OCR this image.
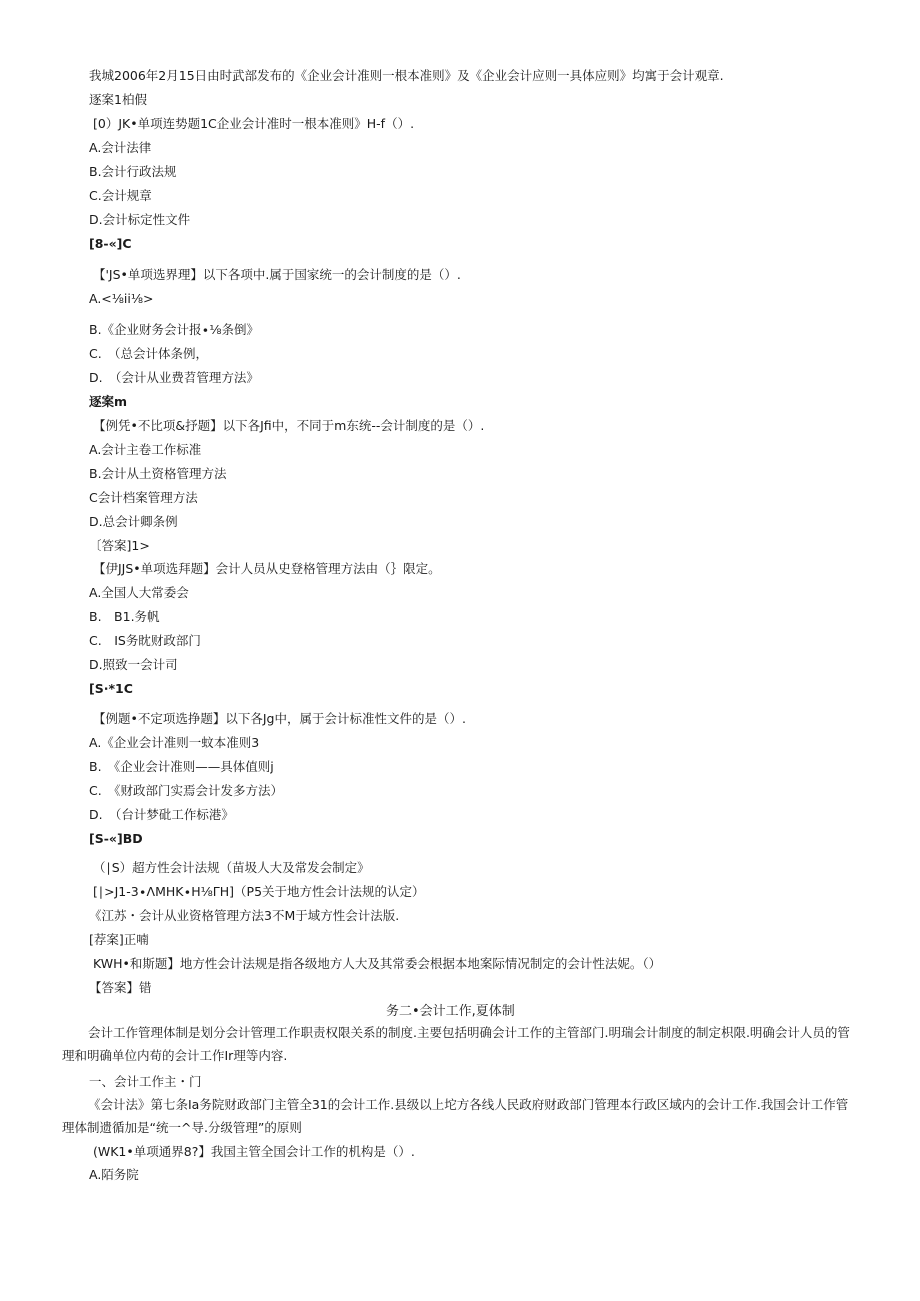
我城2006年2月15日由时武部发布的《企业会计准则一根本准则》及《企业会计应则一具体应则》均寓于会计观章.
逐案1柏假
[0）JK•单项连势题1C企业会计准时一根本准则》H-f（）.
A.会计法律
B.会计行政法规
C.会计规章
D.会计标定性文件
[8-«]C
【'JS•单项选界理】以下各项中.属于国家统一的会计制度的是（）.
A.<⅛ii⅛>
B.《企业财务会计报∙⅛条倒》
C.　（总会计体条例，
D.　（会计从业费苕管理方法》
逐案m
【例凭•不比项&抒题】以下各Jfi中，不同于m东统--会计制度的是（）.
A.会计主卷工作标准
B.会计从土资格管理方法
C会计档案管理方法
D.总会计卿条例
〔答案]1>
【伊JJS•单项选拜题】会计人员从史登格管理方法由（｝限定。
A.全国人大常委会
B.　B1.务帆
C.　IS务眈财政部门
D.照致一会计司
[S∙*1C
【例题•不定项选挣题】以下各Jg中，属于会计标准性文件的是（）.
A.《企业会计准则一蚊本准则3
B.　《企业会计准则——具体值则j
C.　《财政部门实焉会计发多方法）
D.　（台计梦砒工作标港》
[S-«]BD
（∣S）超方性会计法规（苗圾人大及常发会制定》
[∣>J1-3∙ΛMHK∙H⅛ΓH]（P5关于地方性会计法规的认定）
《江苏・会计从业资格管理方法3不M于域方性会计法版.
[荐案]正喃
KWH•和斯题】地方性会计法规是指各级地方人大及其常委会根据本地案际情况制定的会计性法妮。（）
【答案】错
务二•会计工作,夏体制
会计工作管理体制是划分会计管理工作职责权限关系的制度.主要包括明确会计工作的主管部门.明瑞会计制度的制定枳限.明确会计人员的管理和明确单位内荀的会计工作Ir理等内容.
一、会计工作主・门
《会计法》第七条Ia务院财政部门主管全31的会计工作.县级以上坨方各线人民政府财政部门管理本行政区域内的会计工作.我国会计工作管理体制遗循加是“统一^导.分级管理”的原则
(WK1•单项通界8?】我国主管全国会计工作的机构是（）.
A.陌务院
